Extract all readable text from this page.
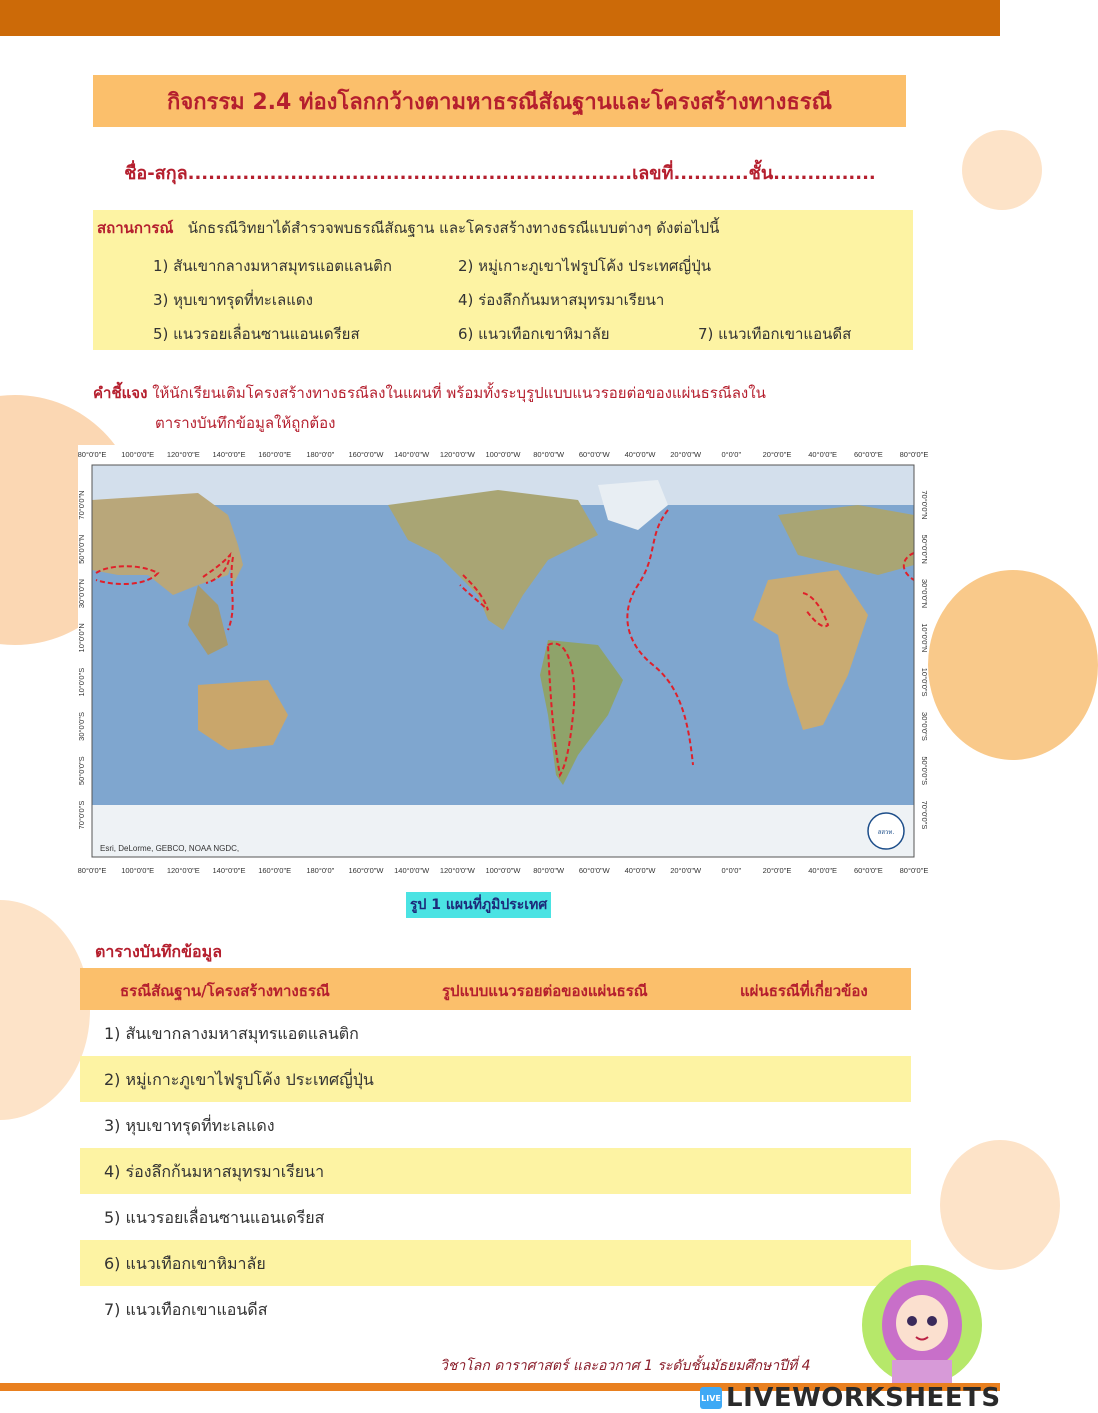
กิจกรรม 2.4 ท่องโลกกว้างตามหาธรณีสัณฐานและโครงสร้างทางธรณี
ชื่อ-สกุล.................................................................เลขที่...........ชั้น...............
สถานการณ์ นักธรณีวิทยาได้สำรวจพบธรณีสัณฐาน และโครงสร้างทางธรณีแบบต่างๆ ดังต่อไปนี้
1) สันเขากลางมหาสมุทรแอตแลนติก	2) หมู่เกาะภูเขาไฟรูปโค้ง ประเทศญี่ปุ่น
3) หุบเขาทรุดที่ทะเลแดง	4) ร่องลึกก้นมหาสมุทรมาเรียนา
5) แนวรอยเลื่อนซานแอนเดรียส	6) แนวเทือกเขาหิมาลัย	7) แนวเทือกเขาแอนดีส
คำชี้แจง ให้นักเรียนเติมโครงสร้างทางธรณีลงในแผนที่ พร้อมทั้งระบุรูปแบบแนวรอยต่อของแผ่นธรณีลงใน
ตารางบันทึกข้อมูลให้ถูกต้อง
80°0'0"E 100°0'0"E 120°0'0"E 140°0'0"E 160°0'0"E 180°0'0" 160°0'0"W 140°0'0"W 120°0'0"W 100°0'0"W 80°0'0"W 60°0'0"W 40°0'0"W 20°0'0"W	0°0'0"	20°0'0"E 40°0'0"E 60°0'0"E 80°0'0"E
80°0'0"E 100°0'0"E 120°0'0"E 140°0'0"E 160°0'0"E 180°0'0" 160°0'0"W 140°0'0"W 120°0'0"W 100°0'0"W 80°0'0"W 60°0'0"W 40°0'0"W 20°0'0"W	0°0'0"	20°0'0"E 40°0'0"E 60°0'0"E 80°0'0"E
70°0'0"N
50°0'0"N
30°0'0"N
10°0'0"N
10°0'0"S
30°0'0"S
50°0'0"S
70°0'0"S
70°0'0"N
50°0'0"N
30°0'0"N
10°0'0"N
10°0'0"S
30°0'0"S
50°0'0"S
70°0'0"S
Esri, DeLorme, GEBCO, NOAA NGDC,
สสวท.
รูป 1 แผนที่ภูมิประเทศ
ตารางบันทึกข้อมูล
ธรณีสัณฐาน/โครงสร้างทางธรณี	รูปแบบแนวรอยต่อของแผ่นธรณี	แผ่นธรณีที่เกี่ยวข้อง
1) สันเขากลางมหาสมุทรแอตแลนติก
2) หมู่เกาะภูเขาไฟรูปโค้ง ประเทศญี่ปุ่น
3) หุบเขาทรุดที่ทะเลแดง
4) ร่องลึกก้นมหาสมุทรมาเรียนา
5) แนวรอยเลื่อนซานแอนเดรียส
6) แนวเทือกเขาหิมาลัย
7) แนวเทือกเขาแอนดีส
วิชาโลก ดาราศาสตร์ และอวกาศ 1 ระดับชั้นมัธยมศึกษาปีที่ 4
LIVE LIVEWORKSHEETS
